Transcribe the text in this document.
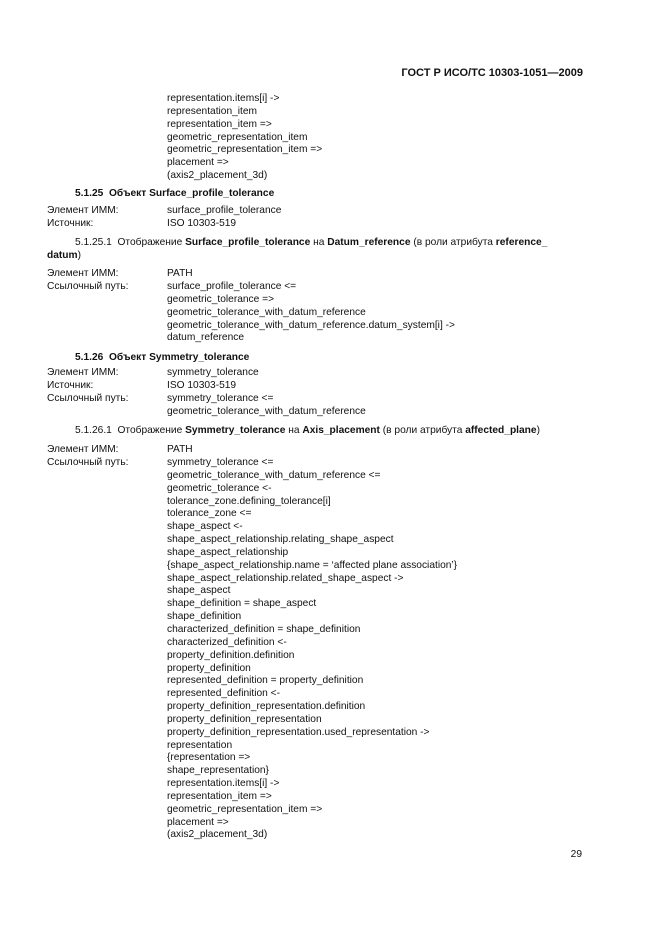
ГОСТ Р ИСО/ТС 10303-1051—2009
representation.items[i] ->
representation_item
representation_item =>
geometric_representation_item
geometric_representation_item =>
placement =>
(axis2_placement_3d)
5.1.25 Объект Surface_profile_tolerance
Элемент ИММ:	surface_profile_tolerance
Источник:	ISO 10303-519
5.1.25.1 Отображение Surface_profile_tolerance на Datum_reference (в роли атрибута reference_
datum)
Элемент ИММ:	PATH
Ссылочный путь:	surface_profile_tolerance <=
geometric_tolerance =>
geometric_tolerance_with_datum_reference
geometric_tolerance_with_datum_reference.datum_system[i] ->
datum_reference
5.1.26 Объект Symmetry_tolerance
Элемент ИММ:	symmetry_tolerance
Источник:	ISO 10303-519
Ссылочный путь:	symmetry_tolerance <=
geometric_tolerance_with_datum_reference
5.1.26.1 Отображение Symmetry_tolerance на Axis_placement (в роли атрибута affected_plane)
Элемент ИММ:	PATH
Ссылочный путь:	symmetry_tolerance <=
geometric_tolerance_with_datum_reference <=
geometric_tolerance <-
tolerance_zone.defining_tolerance[i]
tolerance_zone <=
shape_aspect <-
shape_aspect_relationship.relating_shape_aspect
shape_aspect_relationship
{shape_aspect_relationship.name = ‘affected plane association’}
shape_aspect_relationship.related_shape_aspect ->
shape_aspect
shape_definition = shape_aspect
shape_definition
characterized_definition = shape_definition
characterized_definition <-
property_definition.definition
property_definition
represented_definition = property_definition
represented_definition <-
property_definition_representation.definition
property_definition_representation
property_definition_representation.used_representation ->
representation
{representation =>
shape_representation}
representation.items[i] ->
representation_item =>
geometric_representation_item =>
placement =>
(axis2_placement_3d)
29
